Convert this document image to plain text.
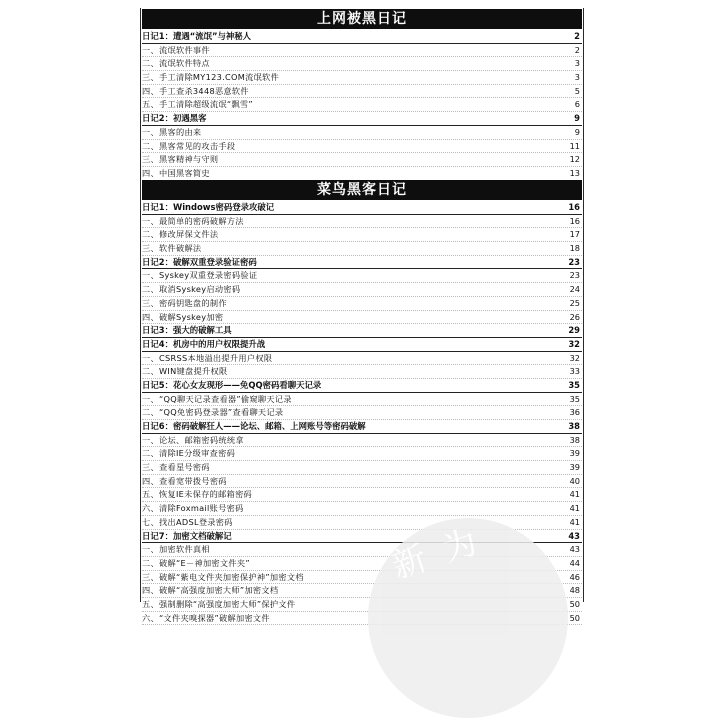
上网被黑日记
日记1：遭遇“流氓”与神秘人	2
一、流氓软件事件	2
二、流氓软件特点	3
三、手工清除MY123.COM流氓软件	3
四、手工查杀3448恶意软件	5
五、手工清除超级流氓“飘雪”	6
日记2：初遇黑客	9
一、黑客的由来	9
二、黑客常见的攻击手段	11
三、黑客精神与守则	12
四、中国黑客简史	13
菜鸟黑客日记
日记1：Windows密码登录攻破记	16
一、最简单的密码破解方法	16
二、修改屏保文件法	17
三、软件破解法	18
日记2：破解双重登录验证密码	23
一、Syskey双重登录密码验证	23
二、取消Syskey启动密码	24
三、密码钥匙盘的制作	25
四、破解Syskey加密	26
日记3：强大的破解工具	29
日记4：机房中的用户权限提升战	32
一、CSRSS本地溢出提升用户权限	32
二、WIN键盘提升权限	33
日记5：花心女友现形——免QQ密码看聊天记录	35
一、“QQ聊天记录查看器”偷窥聊天记录	35
二、“QQ免密码登录器”查看聊天记录	36
日记6：密码破解狂人——论坛、邮箱、上网账号等密码破解	38
一、论坛、邮箱密码统统拿	38
二、清除IE分级审查密码	39
三、查看星号密码	39
四、查看宽带拨号密码	40
五、恢复IE未保存的邮箱密码	41
六、清除Foxmail账号密码	41
七、找出ADSL登录密码	41
日记7：加密文档破解记	43
一、加密软件真相	43
二、破解“E－神加密文件夹”	44
三、破解“紫电文件夹加密保护神”加密文档	46
四、破解“高强度加密大师”加密文档	48
五、强制删除“高强度加密大师”保护文件	50
六、“文件夹嗅探器”破解加密文件	50
新 为
